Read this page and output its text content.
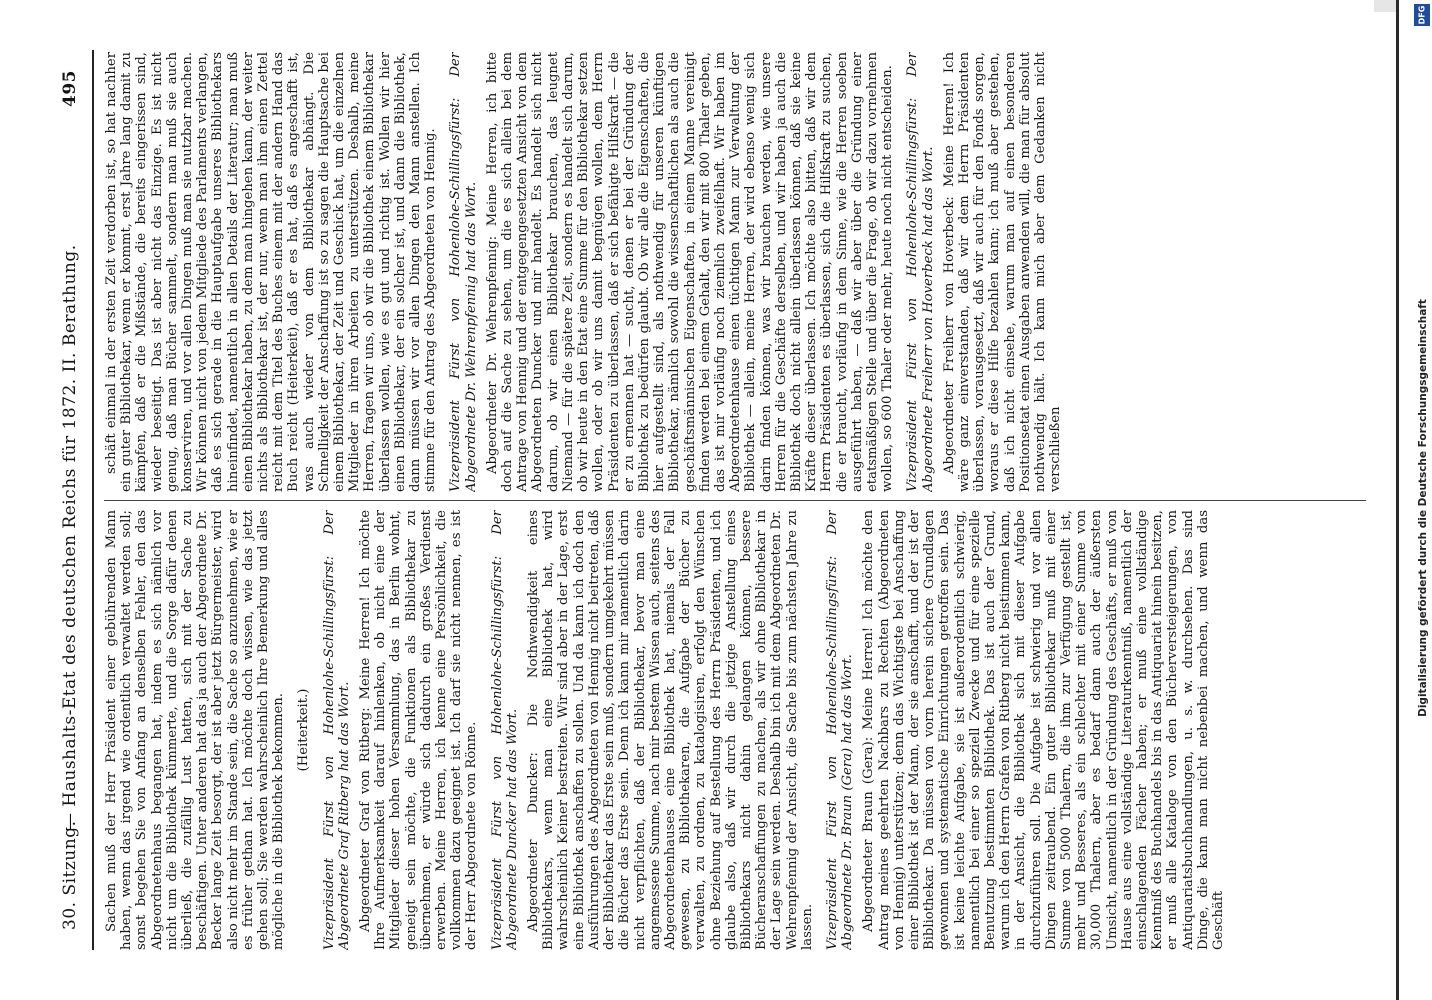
30. Sitzung.
— Haushalts-Etat des deutschen Reichs für 1872. II. Berathung.
495

Sachen muß der Herr Präsident einer gebührenden Mann haben, wenn das irgend wie ordentlich verwaltet werden soll; sonst begehen Sie von Anfang an denselben Fehler, den das Abgeordnetenhaus begangen hat, indem es sich nämlich vor nicht um die Bibliothek kümmerte, und die Sorge dafür denen überließ, die zufällig Lust hatten, sich mit der Sache zu beschäftigen. Unter anderen hat das ja auch der Abgeordnete Dr. Becker lange Zeit besorgt, der ist aber jetzt Bürgermeister, wird also nicht mehr im Stande sein, die Sache so anzunehmen, wie er es früher gethan hat. Ich möchte doch wissen, wie das jetzt gehen soll; Sie werden wahrscheinlich Ihre Bemerkung und alles mögliche in die Bibliothek bekommen. (Heiterkeit.) Vizepräsident Fürst von Hohenlohe-Schillingsfürst: Der Abgeordnete Graf Ritberg hat das Wort. Abgeordneter Graf von Ritberg: Meine Herren! Ich möchte Ihre Aufmerksamkeit darauf hinlenken, ob nicht eine der Mitglieder dieser hohen Versammlung, das in Berlin wohnt, geneigt sein möchte, die Funktionen als Bibliothekar zu übernehmen, er würde sich dadurch ein großes Verdienst erwerben. Meine Herren, ich kenne eine Persönlichkeit, die vollkommen dazu geeignet ist. Ich darf sie nicht nennen, es ist der Herr Abgeordnete von Rönne. Vizepräsident Fürst von Hohenlohe-Schillingsfürst: Der Abgeordnete Duncker hat das Wort. Abgeordneter Duncker: Die Nothwendigkeit eines Bibliothekars, wenn man eine Bibliothek hat, wird wahrscheinlich Keiner bestreiten. Wir sind aber in der Lage, erst eine Bibliothek anschaffen zu sollen. Und da kann ich doch den Ausführungen des Abgeordneten von Hennig nicht beitreten, daß der Bibliothekar das Erste sein muß, sondern umgekehrt müssen die Bücher das Erste sein. Denn ich kann mir namentlich darin nicht verpflichten, daß der Bibliothekar, bevor man eine angemessene Summe, nach mir bestem Wissen auch, seitens des Abgeordnetenhauses eine Bibliothek hat, niemals der Fall gewesen, zu Bibliothekaren, die Aufgabe der Bücher zu verwalten, zu ordnen, zu katalogisiren, erfolgt den Wünschen ohne Beziehung auf Bestellung des Herrn Präsidenten, und ich glaube also, daß wir durch die jetzige Anstellung eines Bibliothekars nicht dahin gelangen können, bessere Bücheranschaffungen zu machen, als wir ohne Bibliothekar in der Lage sein werden. Deshalb bin ich mit dem Abgeordneten Dr. Wehrenpfennig der Ansicht, die Sache bis zum nächsten Jahre zu lassen. Vizepräsident Fürst von Hohenlohe-Schillingsfürst: Der Abgeordnete Dr. Braun (Gera) hat das Wort. Abgeordneter Braun (Gera): Meine Herren! Ich möchte den Antrag meines geehrten Nachbars zu Rechten (Abgeordneten von Hennig) unterstützen; denn das Wichtigste bei Anschaffung einer Bibliothek ist der Mann, der sie anschafft, und der ist der Bibliothekar. Da müssen von vorn herein sichere Grundlagen gewonnen und systematische Einrichtungen getroffen sein. Das ist keine leichte Aufgabe, sie ist außerordentlich schwierig, namentlich bei einer so speziell Zwecke und für eine spezielle Benutzung bestimmten Bibliothek. Das ist auch der Grund, warum ich den Herrn Grafen von Ritberg nicht beistimmen kann, in der Ansicht, die Bibliothek sich mit dieser Aufgabe durchzuführen soll. Die Aufgabe ist schwierig und vor allen Dingen zeitraubend. Ein guter Bibliothekar muß mit einer Summe von 5000 Thalern, die ihm zur Verfügung gestellt ist, mehr und Besseres, als ein schlechter mit einer Summe von 30,000 Thalern, aber es bedarf dann auch der äußersten Umsicht, namentlich in der Gründung des Geschäfts, er muß von Hause aus eine vollständige Literaturkenntniß, namentlich der einschlagenden Fächer haben; er muß eine vollständige Kenntniß des Buchhandels bis in das Antiquariat hinein besitzen, er muß alle Kataloge von den Bücherversteigerungen, von Antiquariatsbuchhandlungen, u. s. w. durchsehen. Das sind Dinge, die kann man nicht nebenbei machen, und wenn das Geschäft

schäft einmal in der ersten Zeit verdorben ist, so hat nachher ein guter Bibliothekar, wenn er kommt, erst Jahre lang damit zu kämpfen, daß er die Mißstände, die bereits eingerissen sind, wieder beseitigt. Das ist aber nicht das Einzige. Es ist nicht genug, daß man Bücher sammelt, sondern man muß sie auch konserviren, und vor allen Dingen muß man sie nutzbar machen. Wir können nicht von jedem Mitgliede des Parlaments verlangen, daß es sich gerade in die Hauptaufgabe unseres Bibliothekars hineinfindet, namentlich in allen Details der Literatur; man muß einen Bibliothekar haben, zu dem man hingehen kann, der weiter nichts als Bibliothekar ist, der nur, wenn man ihm einen Zettel reicht mit dem Titel des Buches einem mit der andern Hand das Buch reicht (Heiterkeit), daß er es hat, daß es angeschafft ist, was auch wieder von dem Bibliothekar abhängt. Die Schnelligkeit der Anschaffung ist so zu sagen die Hauptsache bei einem Bibliothekar, der Zeit und Geschick hat, um die einzelnen Mitglieder in ihren Arbeiten zu unterstützen. Deshalb, meine Herren, fragen wir uns, ob wir die Bibliothek einem Bibliothekar überlassen wollen, wie es gut und richtig ist. Wollen wir hier einen Bibliothekar, der ein solcher ist, und dann die Bibliothek, dann müssen wir vor allen Dingen den Mann anstellen. Ich stimme für den Antrag des Abgeordneten von Hennig. Vizepräsident Fürst von Hohenlohe-Schillingsfürst: Der Abgeordnete Dr. Wehrenpfennig hat das Wort. Abgeordneter Dr. Wehrenpfennig: Meine Herren, ich bitte doch auf die Sache zu sehen, um die es sich allein bei dem Antrage von Hennig und der entgegengesetzten Ansicht von dem Abgeordneten Duncker und mir handelt. Es handelt sich nicht darum, ob wir einen Bibliothekar brauchen, das leugnet Niemand — für die spätere Zeit, sondern es handelt sich darum, ob wir heute in den Etat eine Summe für den Bibliothekar setzen wollen, oder ob wir uns damit begnügen wollen, dem Herrn Präsidenten zu überlassen, daß er sich befähigte Hilfskraft — die er zu ernennen hat — sucht, denen er bei der Gründung der Bibliothek zu bedürfen glaubt. Ob wir alle die Eigenschaften, die hier aufgestellt sind, als nothwendig für unseren künftigen Bibliothekar, nämlich sowohl die wissenschaftlichen als auch die geschäftsmännischen Eigenschaften, in einem Manne vereinigt finden werden bei einem Gehalt, den wir mit 800 Thaler geben, das ist mir vorläufig noch ziemlich zweifelhaft. Wir haben im Abgeordnetenhause einen tüchtigen Mann zur Verwaltung der Bibliothek — allein, meine Herren, der wird ebenso wenig sich darin finden können, was wir brauchen werden, wie unsere Herren für die Geschäfte derselben, und wir haben ja auch die Bibliothek doch nicht allein überlassen können, daß sie keine Kräfte dieser überlassen. Ich möchte also bitten, daß wir dem Herrn Präsidenten es überlassen, sich die Hilfskraft zu suchen, die er braucht, vorläufig in dem Sinne, wie die Herren soeben ausgeführt haben, — daß wir aber über die Gründung einer etatsmäßigen Stelle und über die Frage, ob wir dazu vornehmen wollen, so 600 Thaler oder mehr, heute noch nicht entscheiden. Vizepräsident Fürst von Hohenlohe-Schillingsfürst: Der Abgeordnete Freiherr von Hoverbeck hat das Wort. Abgeordneter Freiherr von Hoverbeck: Meine Herren! Ich wäre ganz einverstanden, daß wir dem Herrn Präsidenten überlassen, vorausgesetzt, daß wir auch für den Fonds sorgen, woraus er diese Hilfe bezahlen kann; ich muß aber gestehen, daß ich nicht einsehe, warum man auf einen besonderen Positionsetat einen Ausgaben anwenden will, die man für absolut nothwendig hält. Ich kann mich aber dem Gedanken nicht verschließen

DFG
Digitalisierung gefördert durch die Deutsche Forschungsgemeinschaft
